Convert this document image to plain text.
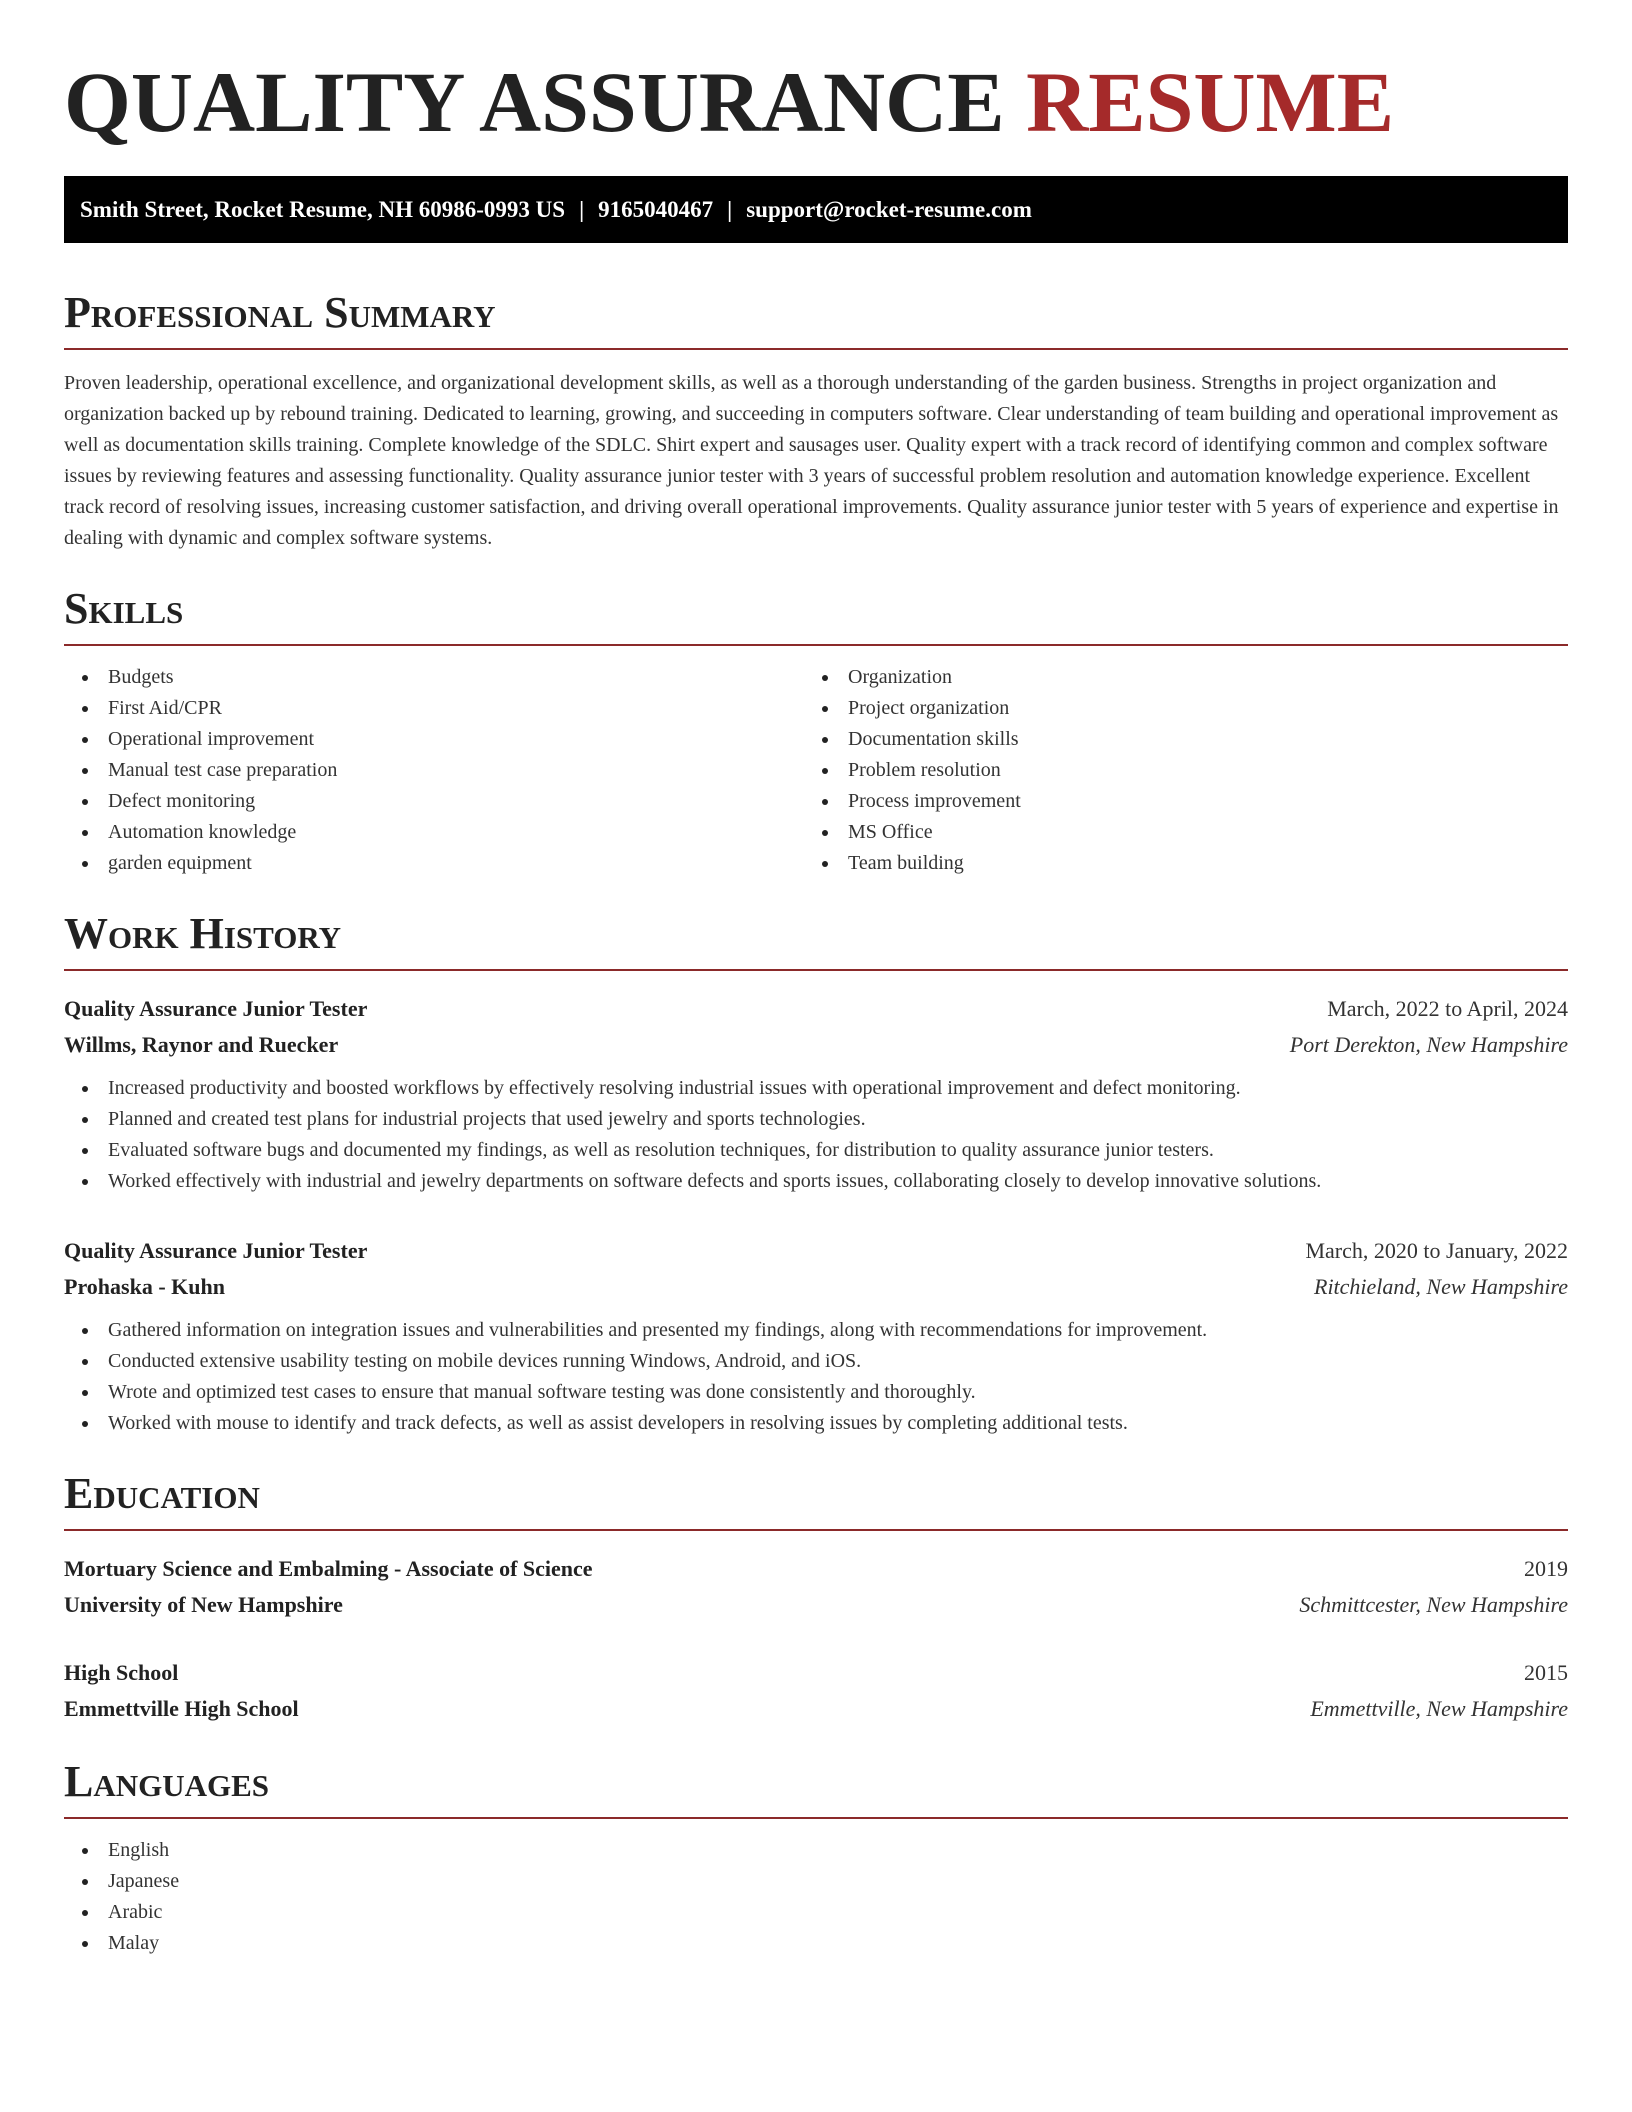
QUALITY ASSURANCE RESUME
Smith Street, Rocket Resume, NH 60986-0993 US | 9165040467 | support@rocket-resume.com
Professional Summary

Proven leadership, operational excellence, and organizational development skills, as well as a thorough understanding of the garden business. Strengths in project organization and organization backed up by rebound training. Dedicated to learning, growing, and succeeding in computers software. Clear understanding of team building and operational improvement as well as documentation skills training. Complete knowledge of the SDLC. Shirt expert and sausages user. Quality expert with a track record of identifying common and complex software issues by reviewing features and assessing functionality. Quality assurance junior tester with 3 years of successful problem resolution and automation knowledge experience. Excellent track record of resolving issues, increasing customer satisfaction, and driving overall operational improvements. Quality assurance junior tester with 5 years of experience and expertise in dealing with dynamic and complex software systems.

Skills
Budgets
First Aid/CPR
Operational improvement
Manual test case preparation
Defect monitoring
Automation knowledge
garden equipment
Organization
Project organization
Documentation skills
Problem resolution
Process improvement
MS Office
Team building
Work History
Quality Assurance Junior Tester	March, 2022 to April, 2024
Willms, Raynor and Ruecker	Port Derekton, New Hampshire
Increased productivity and boosted workflows by effectively resolving industrial issues with operational improvement and defect monitoring.
Planned and created test plans for industrial projects that used jewelry and sports technologies.
Evaluated software bugs and documented my findings, as well as resolution techniques, for distribution to quality assurance junior testers.
Worked effectively with industrial and jewelry departments on software defects and sports issues, collaborating closely to develop innovative solutions.
Quality Assurance Junior Tester	March, 2020 to January, 2022
Prohaska - Kuhn	Ritchieland, New Hampshire
Gathered information on integration issues and vulnerabilities and presented my findings, along with recommendations for improvement.
Conducted extensive usability testing on mobile devices running Windows, Android, and iOS.
Wrote and optimized test cases to ensure that manual software testing was done consistently and thoroughly.
Worked with mouse to identify and track defects, as well as assist developers in resolving issues by completing additional tests.
Education
Mortuary Science and Embalming - Associate of Science	2019
University of New Hampshire	Schmittcester, New Hampshire
High School	2015
Emmettville High School	Emmettville, New Hampshire
Languages
English
Japanese
Arabic
Malay
